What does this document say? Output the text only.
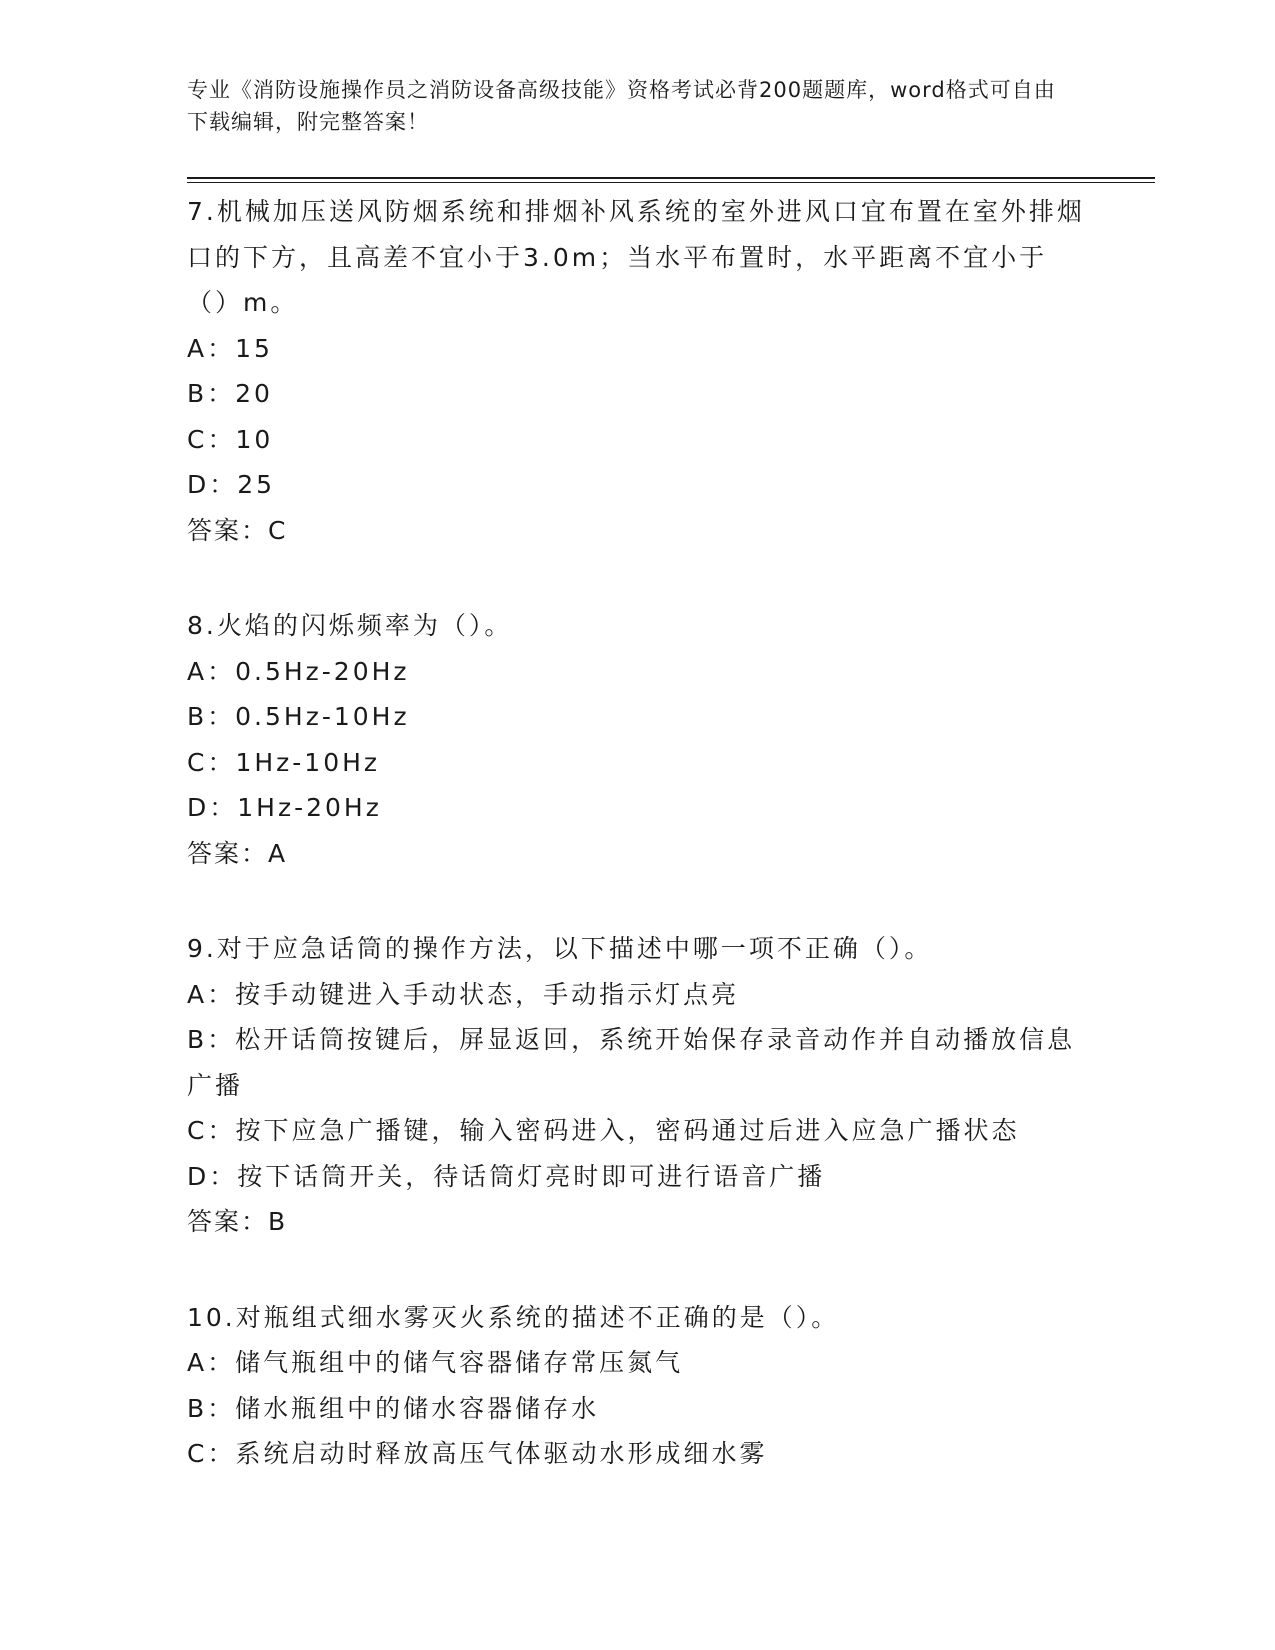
专业《消防设施操作员之消防设备高级技能》资格考试必背200题题库，word格式可自由下载编辑，附完整答案！
7.机械加压送风防烟系统和排烟补风系统的室外进风口宜布置在室外排烟口的下方，且高差不宜小于3.0m；当水平布置时，水平距离不宜小于（）m。
A：15
B：20
C：10
D：25
答案：C
8.火焰的闪烁频率为（）。
A：0.5Hz-20Hz
B：0.5Hz-10Hz
C：1Hz-10Hz
D：1Hz-20Hz
答案：A
9.对于应急话筒的操作方法，以下描述中哪一项不正确（）。
A：按手动键进入手动状态，手动指示灯点亮
B：松开话筒按键后，屏显返回，系统开始保存录音动作并自动播放信息广播
C：按下应急广播键，输入密码进入，密码通过后进入应急广播状态
D：按下话筒开关，待话筒灯亮时即可进行语音广播
答案：B
10.对瓶组式细水雾灭火系统的描述不正确的是（）。
A：储气瓶组中的储气容器储存常压氮气
B：储水瓶组中的储水容器储存水
C：系统启动时释放高压气体驱动水形成细水雾
